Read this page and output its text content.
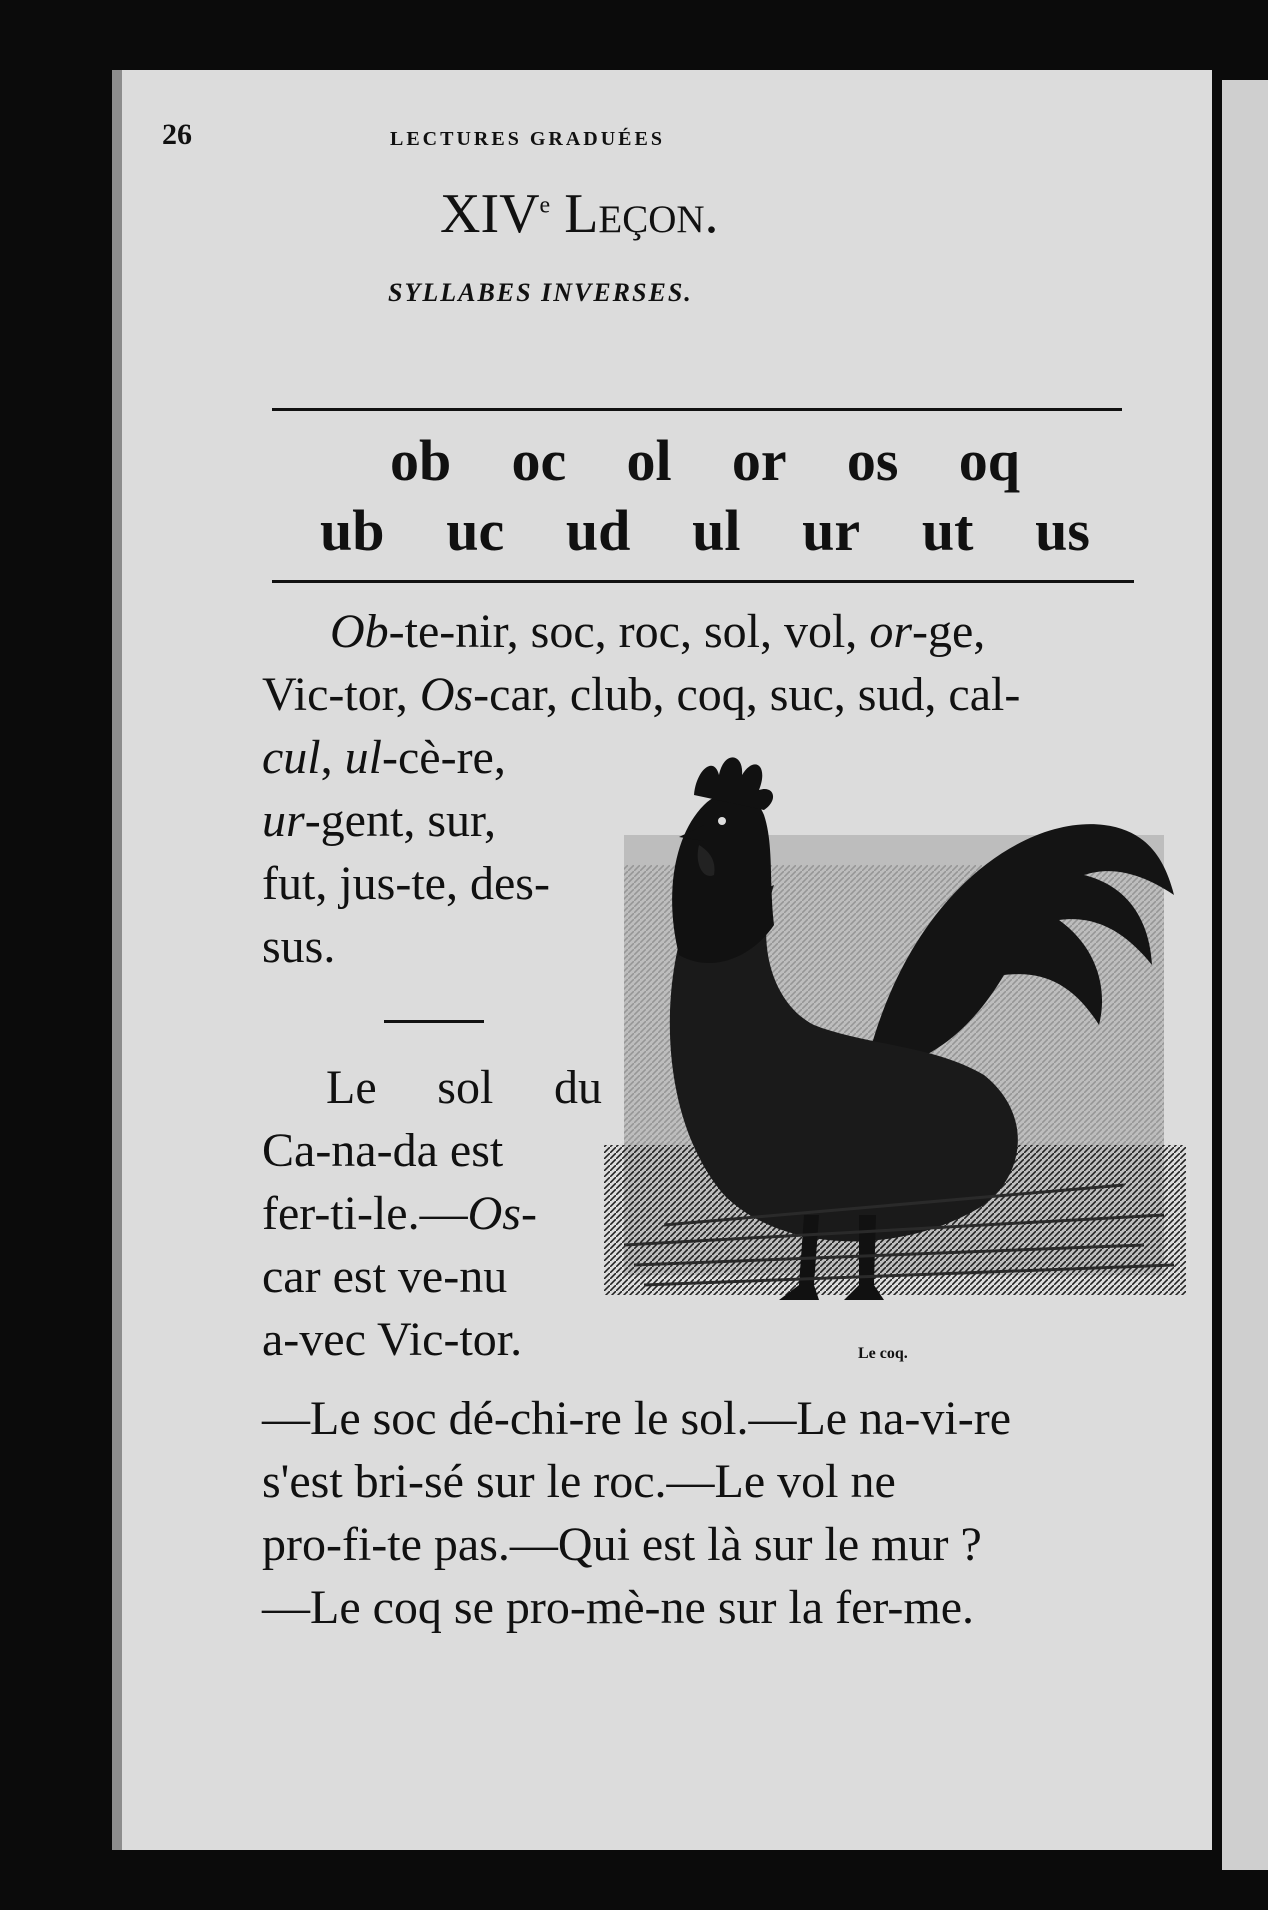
26	LECTURES GRADUÉES
XIVe Leçon.
SYLLABES INVERSES.
ob oc ol or os oq
ub uc ud ul ur ut us
Ob-te-nir, soc, roc, sol, vol, or-ge,
Vic-tor, Os-car, club, coq, suc, sud, cal-
cul, ul-cè-re,
ur-gent, sur,
fut, jus-te, des-
sus.
Le sol du
Ca-na-da est
fer-ti-le.—Os-
car est ve-nu
a-vec Vic-tor.	Le coq.
—Le soc dé-chi-re le sol.—Le na-vi-re
s'est bri-sé sur le roc.—Le vol ne
pro-fi-te pas.—Qui est là sur le mur ?
—Le coq se pro-mè-ne sur la fer-me.
